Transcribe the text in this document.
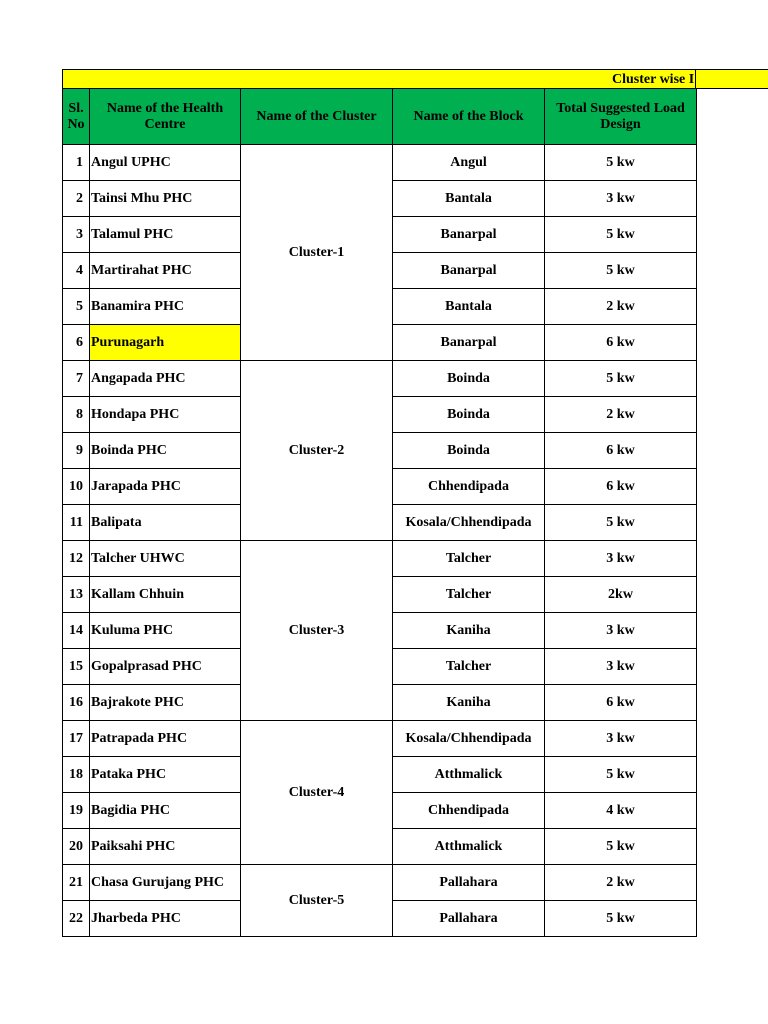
Cluster wise I
Sl. No	Name of the Health Centre	Name of the Cluster	Name of the Block	Total Suggested Load Design
1	Angul UPHC	Cluster-1	Angul	5 kw
2	Tainsi Mhu PHC		Bantala	3 kw
3	Talamul PHC		Banarpal	5 kw
4	Martirahat PHC		Banarpal	5 kw
5	Banamira PHC		Bantala	2 kw
6	Purunagarh		Banarpal	6 kw
7	Angapada PHC	Cluster-2	Boinda	5 kw
8	Hondapa PHC		Boinda	2 kw
9	Boinda PHC		Boinda	6 kw
10	Jarapada PHC		Chhendipada	6 kw
11	Balipata		Kosala/Chhendipada	5 kw
12	Talcher UHWC	Cluster-3	Talcher	3 kw
13	Kallam Chhuin		Talcher	2kw
14	Kuluma PHC		Kaniha	3 kw
15	Gopalprasad PHC		Talcher	3 kw
16	Bajrakote PHC		Kaniha	6 kw
17	Patrapada PHC	Cluster-4	Kosala/Chhendipada	3 kw
18	Pataka PHC		Atthmalick	5 kw
19	Bagidia PHC		Chhendipada	4 kw
20	Paiksahi PHC		Atthmalick	5 kw
21	Chasa Gurujang PHC	Cluster-5	Pallahara	2 kw
22	Jharbeda PHC		Pallahara	5 kw
